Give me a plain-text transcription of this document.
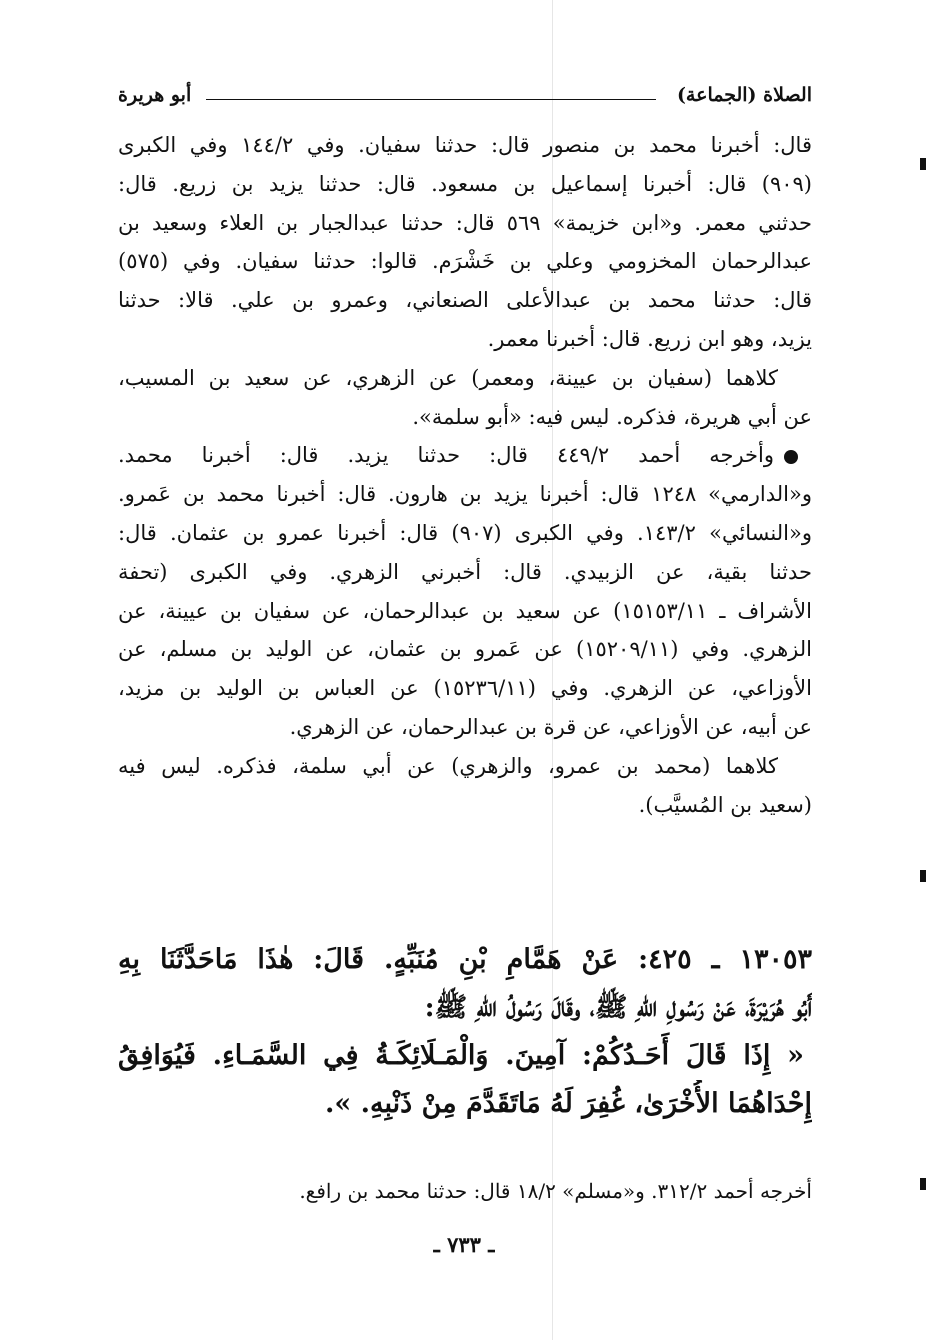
الصلاة (الجماعة)
أبو هريرة
قال: أخبرنا محمد بن منصور قال: حدثنا سفيان. وفي ١٤٤/٢ وفي الكبرى
(٩٠٩) قال: أخبرنا إسماعيل بن مسعود. قال: حدثنا يزيد بن زريع. قال:
حدثني معمر. و«ابن خزيمة» ٥٦٩ قال: حدثنا عبدالجبار بن العلاء وسعيد بن
عبدالرحمان المخزومي وعلي بن خَشْرَم. قالوا: حدثنا سفيان. وفي (٥٧٥)
قال: حدثنا محمد بن عبدالأعلى الصنعاني، وعمرو بن علي. قالا: حدثنا
يزيد، وهو ابن زريع. قال: أخبرنا معمر.
كلاهما (سفيان بن عيينة، ومعمر) عن الزهري، عن سعيد بن المسيب،
عن أبي هريرة، فذكره. ليس فيه: «أبو سلمة».
وأخرجه أحمد ٤٤٩/٢ قال: حدثنا يزيد. قال: أخبرنا محمد.
و«الدارمي» ١٢٤٨ قال: أخبرنا يزيد بن هارون. قال: أخبرنا محمد بن عَمرو.
و«النسائي» ١٤٣/٢. وفي الكبرى (٩٠٧) قال: أخبرنا عمرو بن عثمان. قال:
حدثنا بقية، عن الزبيدي. قال: أخبرني الزهري. وفي الكبرى (تحفة
الأشراف ـ ١٥١٥٣/١١) عن سعيد بن عبدالرحمان، عن سفيان بن عيينة، عن
الزهري. وفي (١٥٢٠٩/١١) عن عَمرو بن عثمان، عن الوليد بن مسلم، عن
الأوزاعي، عن الزهري. وفي (١٥٢٣٦/١١) عن العباس بن الوليد بن مزيد،
عن أبيه، عن الأوزاعي، عن قرة بن عبدالرحمان، عن الزهري.
كلاهما (محمد بن عمرو، والزهري) عن أبي سلمة، فذكره. ليس فيه
(سعيد بن المُسيَّب).
١٣٠٥٣ ـ ٤٢٥: عَنْ هَمَّامِ بْنِ مُنَبِّهٍ. قَالَ: هٰذَا مَاحَدَّثَنَا بِهِ
أَبُو هُرَيْرَةَ، عَنْ رَسُولِ اللهِ ﷺ، وقَالَ رَسُولُ اللهِ ﷺ:
« إِذَا قَالَ أَحَـدُكُمْ: آمِينَ. وَالْمَـلَائِكَـةُ فِي السَّمَـاءِ. فَيُوَافِقُ
إِحْدَاهُمَا الأُخْرَىٰ، غُفِرَ لَهُ مَاتَقَدَّمَ مِنْ ذَنْبِهِ. ».
أخرجه أحمد ٣١٢/٢. و«مسلم» ١٨/٢ قال: حدثنا محمد بن رافع.
ـ ٧٣٣ ـ
